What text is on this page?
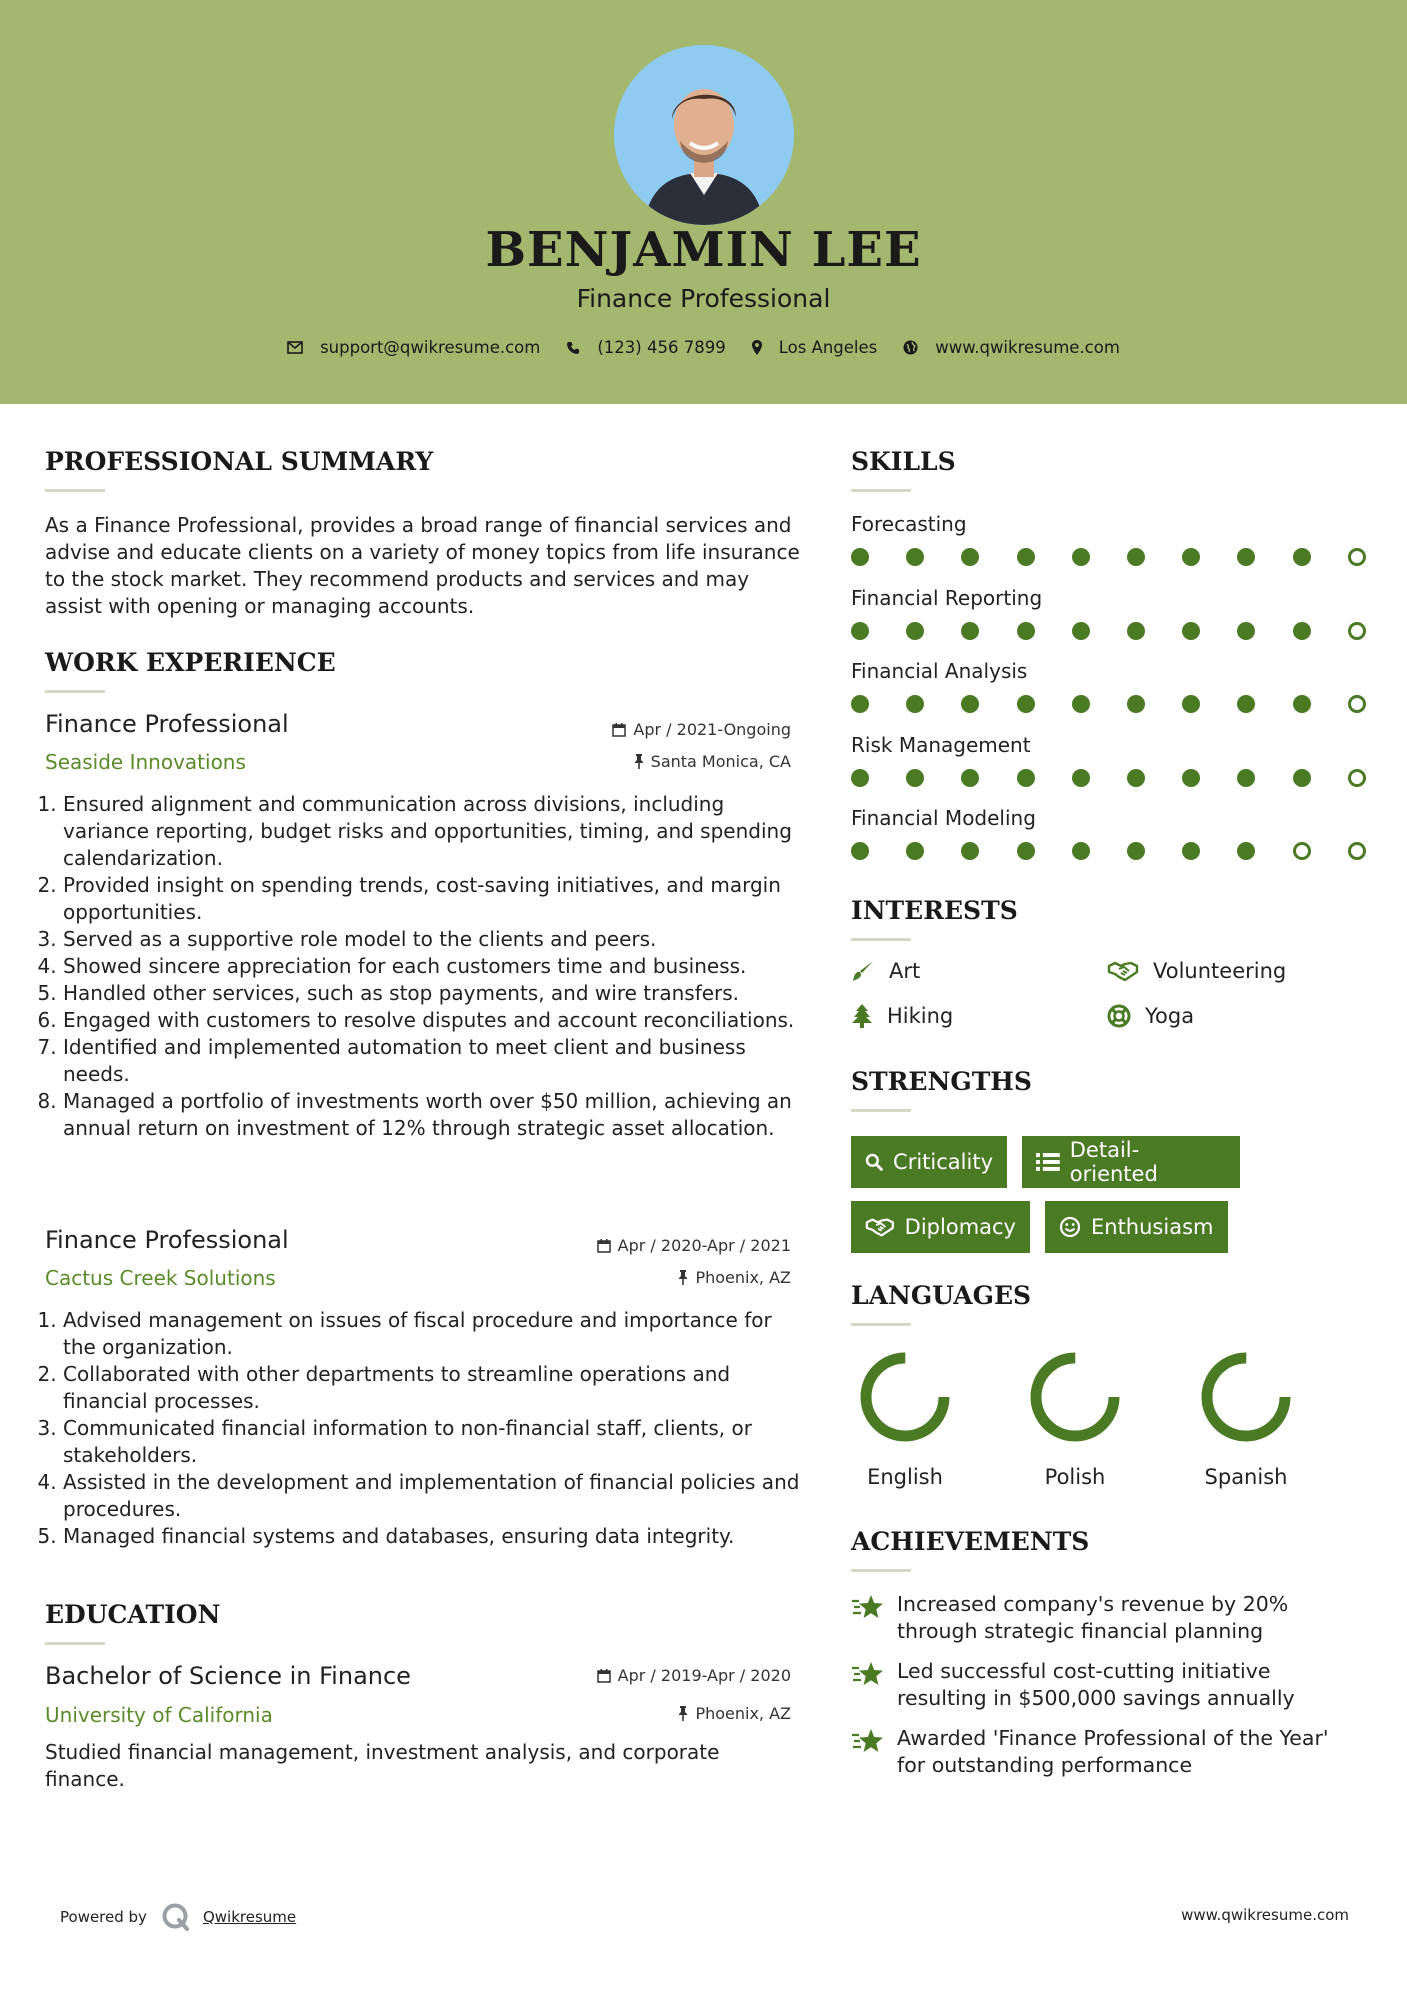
BENJAMIN LEE
Finance Professional
support@qwikresume.com	(123) 456 7899	Los Angeles	www.qwikresume.com
PROFESSIONAL SUMMARY
As a Finance Professional, provides a broad range of financial services and advise and educate clients on a variety of money topics from life insurance to the stock market. They recommend products and services and may assist with opening or managing accounts.
WORK EXPERIENCE
Finance Professional	Apr / 2021-Ongoing
Seaside Innovations	Santa Monica, CA
1. Ensured alignment and communication across divisions, including variance reporting, budget risks and opportunities, timing, and spending calendarization.
2. Provided insight on spending trends, cost-saving initiatives, and margin opportunities.
3. Served as a supportive role model to the clients and peers.
4. Showed sincere appreciation for each customers time and business.
5. Handled other services, such as stop payments, and wire transfers.
6. Engaged with customers to resolve disputes and account reconciliations.
7. Identified and implemented automation to meet client and business needs.
8. Managed a portfolio of investments worth over $50 million, achieving an annual return on investment of 12% through strategic asset allocation.
Finance Professional	Apr / 2020-Apr / 2021
Cactus Creek Solutions	Phoenix, AZ
1. Advised management on issues of fiscal procedure and importance for the organization.
2. Collaborated with other departments to streamline operations and financial processes.
3. Communicated financial information to non-financial staff, clients, or stakeholders.
4. Assisted in the development and implementation of financial policies and procedures.
5. Managed financial systems and databases, ensuring data integrity.
EDUCATION
Bachelor of Science in Finance	Apr / 2019-Apr / 2020
University of California	Phoenix, AZ
Studied financial management, investment analysis, and corporate finance.
SKILLS
Forecasting
Financial Reporting
Financial Analysis
Risk Management
Financial Modeling
INTERESTS
Art	Volunteering
Hiking	Yoga
STRENGTHS
Criticality	Detail-oriented
Diplomacy	Enthusiasm
LANGUAGES
English	Polish	Spanish
ACHIEVEMENTS
Increased company's revenue by 20% through strategic financial planning
Led successful cost-cutting initiative resulting in $500,000 savings annually
Awarded 'Finance Professional of the Year' for outstanding performance
Powered by	Qwikresume	www.qwikresume.com
